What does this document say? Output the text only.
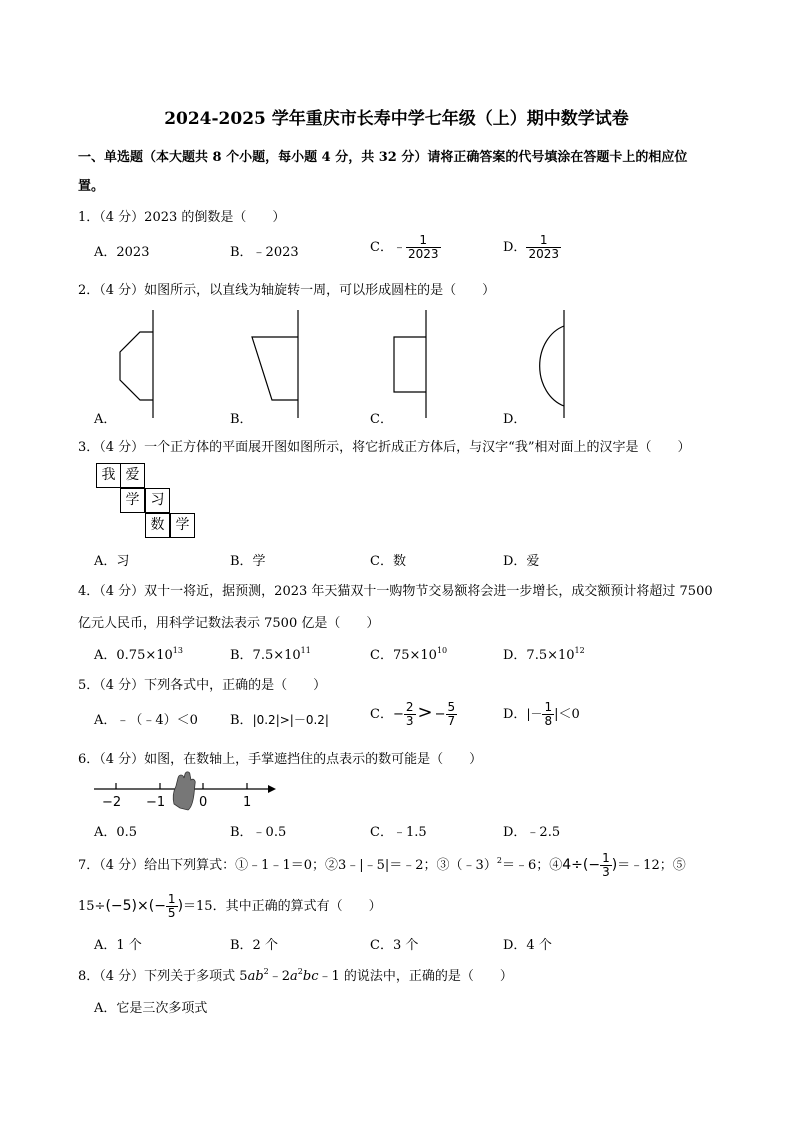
2024-2025 学年重庆市长寿中学七年级（上）期中数学试卷
一、单选题（本大题共 8 个小题，每小题 4 分，共 32 分）请将正确答案的代号填涂在答题卡上的相应位
置。
1．（4 分）2023 的倒数是（　　）
A．2023	B．﹣2023	C．﹣ $\frac{1}{2023}$	D． $\frac{1}{2023}$
2．（4 分）如图所示，以直线为轴旋转一周，可以形成圆柱的是（　　）
A．	B．	C．	D．
3．（4 分）一个正方体的平面展开图如图所示，将它折成正方体后，与汉字“我”相对面上的汉字是（　　）
我 爱
学 习
数 学
A．习	B．学	C．数	D．爱
4．（4 分）双十一将近，据预测，2023 年天猫双十一购物节交易额将会进一步增长，成交额预计将超过 7500
亿元人民币，用科学记数法表示 7500 亿是（　　）
A．$0.75\times 10^{13}$	B．$7.5\times 10^{11}$	C．$75\times 10^{10}$	D．$7.5\times 10^{12}$
5．（4 分）下列各式中，正确的是（　　）
A．﹣（﹣4）＜0 B．|0.2|>|－0.2|	C．− $\frac{2}{3}$ > − $\frac{5}{7}$	D．|－ $\frac{1}{8} |<0$
6．（4 分）如图，在数轴上，手掌遮挡住的点表示的数可能是（　　）
−2 −1	0	1
A．0.5	B．﹣0.5	C．﹣1.5	D．﹣2.5
7．（4 分）给出下列算式：①﹣1﹣1＝0；②3﹣|﹣5|＝﹣2；③（﹣3）$^2$＝﹣6；④4÷(− $\frac{1}{3}$ )＝﹣12；⑤
$15\div(-5)\times(- \frac{1}{5} )=15$．其中正确的算式有（　　）
A．1 个	B．2 个	C．3 个	D．4 个
8．（4 分）下列关于多项式 $5ab^2﹣2a^2bc﹣1$ 的说法中，正确的是（　　）
A．它是三次多项式
